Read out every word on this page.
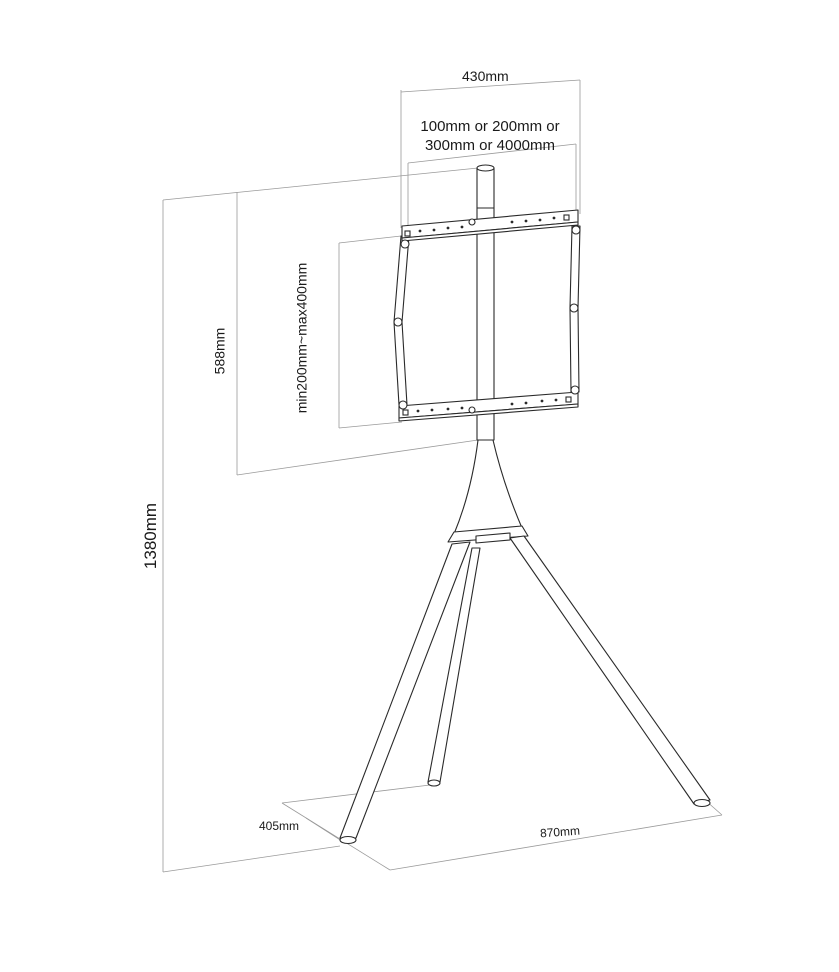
430mm
100mm or 200mm or
300mm or 4000mm
588mm	min200mm~max400mm
1380mm
405mm	870mm
